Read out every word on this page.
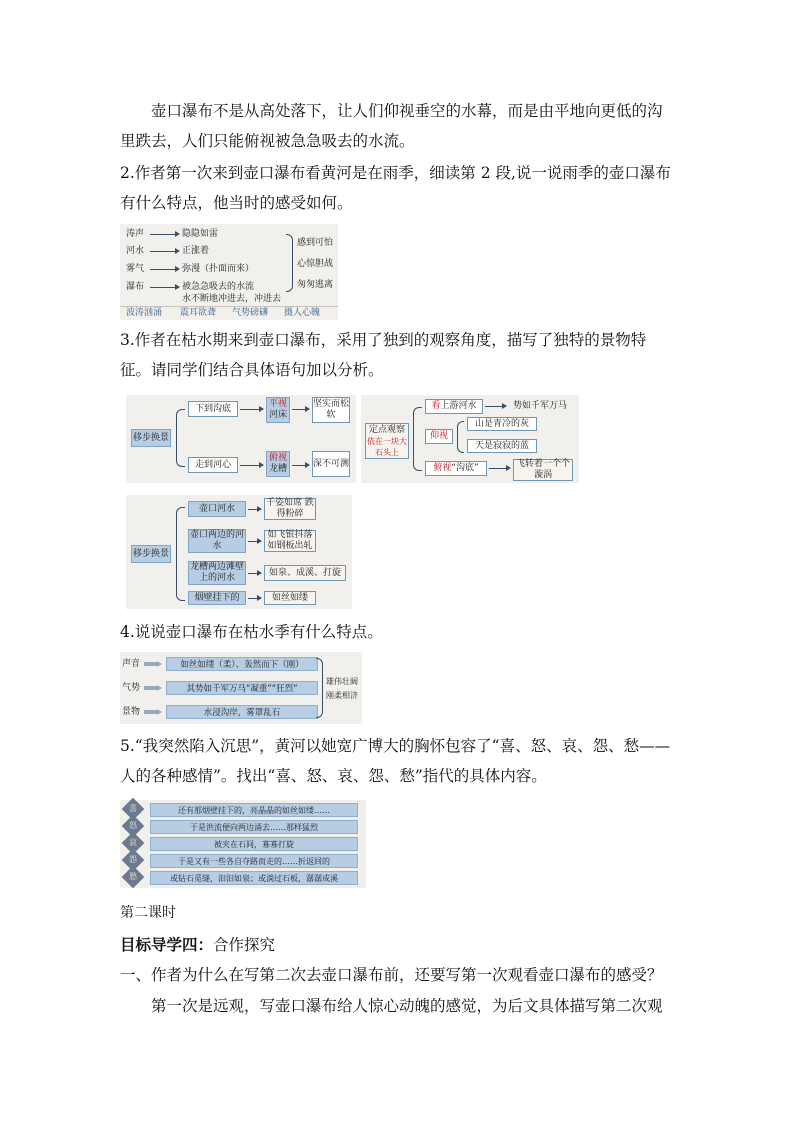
壶口瀑布不是从高处落下，让人们仰视垂空的水幕，而是由平地向更低的沟里跌去，人们只能俯视被急急吸去的水流。

2.作者第一次来到壶口瀑布看黄河是在雨季，细读第 2 段,说一说雨季的壶口瀑布有什么特点，他当时的感受如何。

涛声	隐隐如雷
河水	正涨着
雾气	弥漫（扑面而来）
瀑布	被急急吸去的水流
水不断地冲进去，冲进去
感到可怕
心惊胆战
匆匆逃离
波涛汹涌 震耳欲聋 气势磅礴 摄人心魄

3.作者在枯水期来到壶口瀑布，采用了独到的观察角度，描写了独特的景物特征。请同学们结合具体语句加以分析。

移步换景
下到沟底	平视
河床
坚实而松软
走到河心
俯视
龙槽
深不可测
定点观察
依在一块大石头上
看 上游河水	势如千军万马
仰视
山是青冷的灰
天是寂寂的蓝
俯视 “沟底”	飞转着一个个漩涡
移步换景
壶口河水
千姿如席 跌得粉碎
壶口两边的河水
如飞银抖落 如钢板出轧
龙槽两边滩壁上的河水
如泉、成溪、打旋
烟壁挂下的	如丝如缕

4.说说壶口瀑布在枯水季有什么特点。

声音	如丝如缕（柔）、轰然而下（刚）
气势	其势如千军万马“凝重”“狂烈”
景物	水浸沟岸，雾罩乱石
雄伟壮阔
刚柔相济

5.“我突然陷入沉思”，黄河以她宽广博大的胸怀包容了“喜、怒、哀、怨、愁——人的各种感情”。找出“喜、怒、哀、怨、愁”指代的具体内容。

喜	还有那烟壁挂下的，亮晶晶的如丝如缕……
怒	于是洪流便向两边涌去……那样猛烈
哀	被夹在石间，寡寡打旋
怨	于是又有一些各自夺路而走的……折返回的
愁	或钻石觅缝，汩汩如泉；或淌过石板，潺潺成溪

第二课时

目标导学四：合作探究

一、作者为什么在写第二次去壶口瀑布前，还要写第一次观看壶口瀑布的感受？

第一次是远观，写壶口瀑布给人惊心动魄的感觉，为后文具体描写第二次观
